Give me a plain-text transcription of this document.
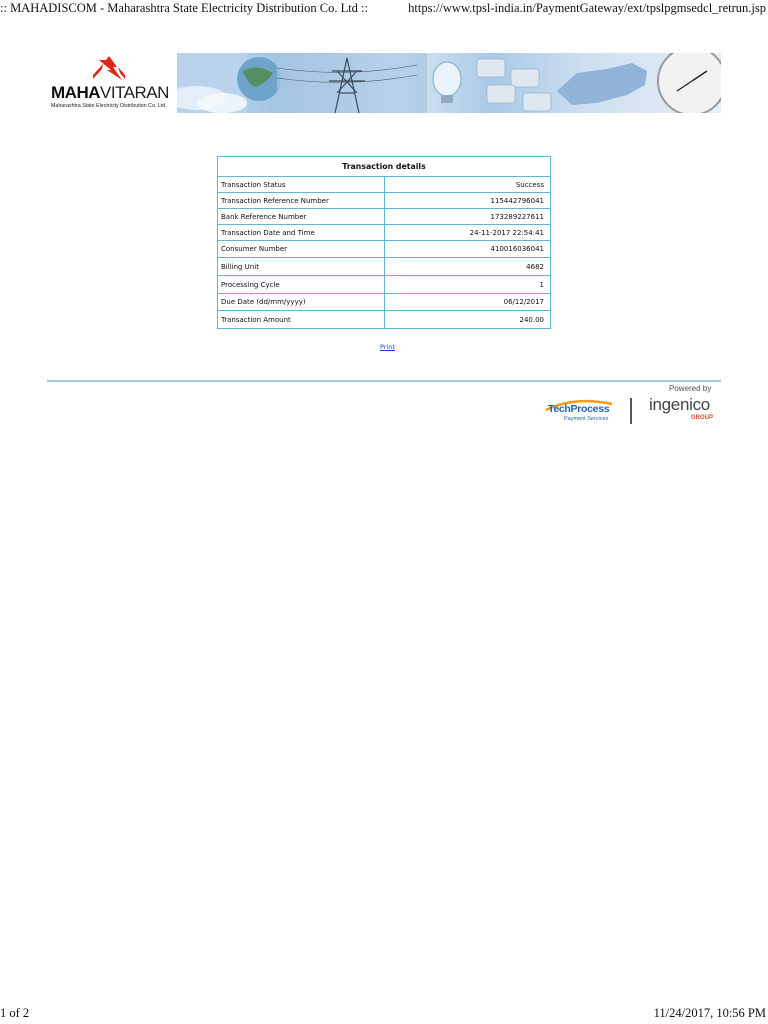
:: MAHADISCOM - Maharashtra State Electricity Distribution Co. Ltd ::	https://www.tpsl-india.in/PaymentGateway/ext/tpslpgmsedcl_retrun.jsp
MAHAVITARAN
Maharashtra State Electricity Distribution Co. Ltd.
Transaction details	
Transaction Status	Success
Transaction Reference Number	115442796041
Bank Reference Number	173289227611
Transaction Date and Time	24-11-2017 22:54:41
Consumer Number	410016036041
Billing Unit	4682
Processing Cycle	1
Due Date (dd/mm/yyyy)	06/12/2017
Transaction Amount	240.00
Print
Powered by
TechProcess
Payment Services
ingenico
GROUP
1 of 2	11/24/2017, 10:56 PM
